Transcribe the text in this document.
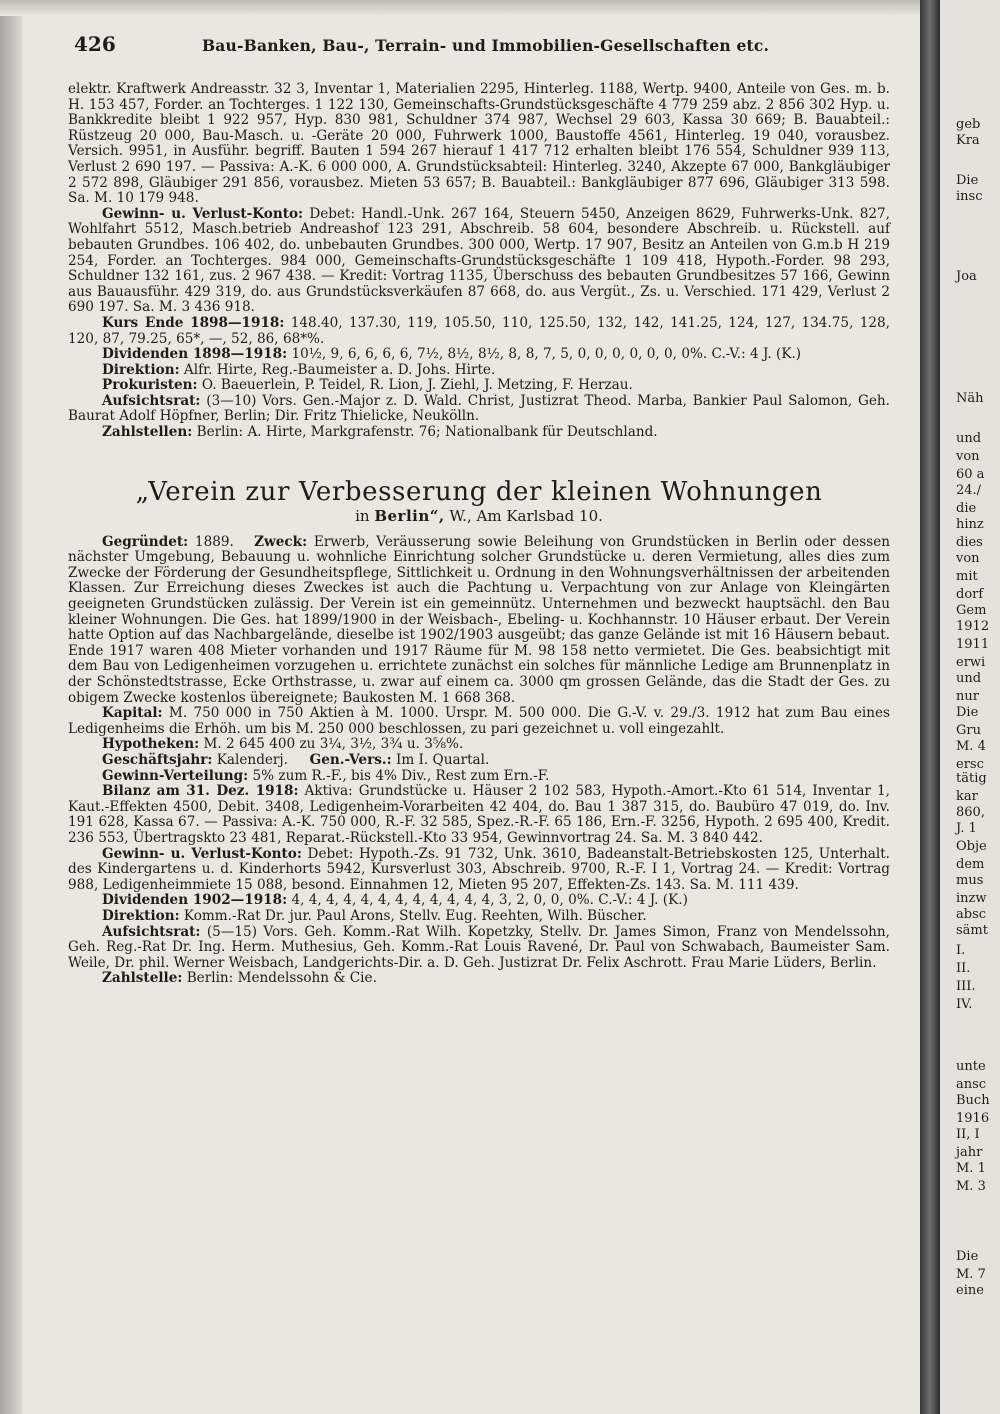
geb
Kra
Die
insc
Joa
Näh
und
von
60 a
24./
die
hinz
dies
von
mit
dorf
Gem
1912
1911
erwi
und
nur
Die
Gru
M. 4
ersc
tätig
kar
860,
J. 1
Obje
dem
mus
inzw
absc
sämt
I.
II.
III.
IV.
unte
ansc
Buch
1916
II, I
jahr
M. 1
M. 3
Die
M. 7
eine
426	Bau-Banken, Bau-, Terrain- und Immobilien-Gesellschaften etc.

elektr. Kraftwerk Andreasstr. 32 3, Inventar 1, Materialien 2295, Hinterleg. 1188, Wertp. 9400, Anteile von Ges. m. b. H. 153 457, Forder. an Tochterges. 1 122 130, Gemeinschafts-Grundstücksgeschäfte 4 779 259 abz. 2 856 302 Hyp. u. Bankkredite bleibt 1 922 957, Hyp. 830 981, Schuldner 374 987, Wechsel 29 603, Kassa 30 669; B. Bauabteil.: Rüstzeug 20 000, Bau-Masch. u. -Geräte 20 000, Fuhrwerk 1000, Baustoffe 4561, Hinterleg. 19 040, vorausbez. Versich. 9951, in Ausführ. begriff. Bauten 1 594 267 hierauf 1 417 712 erhalten bleibt 176 554, Schuldner 939 113, Verlust 2 690 197. — Passiva: A.-K. 6 000 000, A. Grundstücksabteil: Hinterleg. 3240, Akzepte 67 000, Bankgläubiger 2 572 898, Gläubiger 291 856, vorausbez. Mieten 53 657; B. Bauabteil.: Bankgläubiger 877 696, Gläubiger 313 598. Sa. M. 10 179 948.

Gewinn- u. Verlust-Konto: Debet: Handl.-Unk. 267 164, Steuern 5450, Anzeigen 8629, Fuhrwerks-Unk. 827, Wohlfahrt 5512, Masch.betrieb Andreashof 123 291, Abschreib. 58 604, besondere Abschreib. u. Rückstell. auf bebauten Grundbes. 106 402, do. unbebauten Grundbes. 300 000, Wertp. 17 907, Besitz an Anteilen von G.m.b H 219 254, Forder. an Tochterges. 984 000, Gemeinschafts-Grundstücksgeschäfte 1 109 418, Hypoth.-Forder. 98 293, Schuldner 132 161, zus. 2 967 438. — Kredit: Vortrag 1135, Überschuss des bebauten Grundbesitzes 57 166, Gewinn aus Bauausführ. 429 319, do. aus Grundstücksverkäufen 87 668, do. aus Vergüt., Zs. u. Verschied. 171 429, Verlust 2 690 197. Sa. M. 3 436 918.

Kurs Ende 1898—1918: 148.40, 137.30, 119, 105.50, 110, 125.50, 132, 142, 141.25, 124, 127, 134.75, 128, 120, 87, 79.25, 65*, —, 52, 86, 68*%.

Dividenden 1898—1918: 10½, 9, 6, 6, 6, 6, 7½, 8½, 8½, 8, 8, 7, 5, 0, 0, 0, 0, 0, 0, 0%. C.-V.: 4 J. (K.)

Direktion: Alfr. Hirte, Reg.-Baumeister a. D. Johs. Hirte.

Prokuristen: O. Baeuerlein, P. Teidel, R. Lion, J. Ziehl, J. Metzing, F. Herzau.

Aufsichtsrat: (3—10) Vors. Gen.-Major z. D. Wald. Christ, Justizrat Theod. Marba, Bankier Paul Salomon, Geh. Baurat Adolf Höpfner, Berlin; Dir. Fritz Thielicke, Neukölln.

Zahlstellen: Berlin: A. Hirte, Markgrafenstr. 76; Nationalbank für Deutschland.

„Verein zur Verbesserung der kleinen Wohnungen
in Berlin“, W., Am Karlsbad 10.

Gegründet: 1889. Zweck: Erwerb, Veräusserung sowie Beleihung von Grundstücken in Berlin oder dessen nächster Umgebung, Bebauung u. wohnliche Einrichtung solcher Grundstücke u. deren Vermietung, alles dies zum Zwecke der Förderung der Gesundheitspflege, Sittlichkeit u. Ordnung in den Wohnungsverhältnissen der arbeitenden Klassen. Zur Erreichung dieses Zweckes ist auch die Pachtung u. Verpachtung von zur Anlage von Kleingärten geeigneten Grundstücken zulässig. Der Verein ist ein gemeinnütz. Unternehmen und bezweckt hauptsächl. den Bau kleiner Wohnungen. Die Ges. hat 1899/1900 in der Weisbach-, Ebeling- u. Kochhannstr. 10 Häuser erbaut. Der Verein hatte Option auf das Nachbargelände, dieselbe ist 1902/1903 ausgeübt; das ganze Gelände ist mit 16 Häusern bebaut. Ende 1917 waren 408 Mieter vorhanden und 1917 Räume für M. 98 158 netto vermietet. Die Ges. beabsichtigt mit dem Bau von Ledigenheimen vorzugehen u. errichtete zunächst ein solches für männliche Ledige am Brunnenplatz in der Schönstedtstrasse, Ecke Orthstrasse, u. zwar auf einem ca. 3000 qm grossen Gelände, das die Stadt der Ges. zu obigem Zwecke kostenlos übereignete; Baukosten M. 1 668 368.

Kapital: M. 750 000 in 750 Aktien à M. 1000. Urspr. M. 500 000. Die G.-V. v. 29./3. 1912 hat zum Bau eines Ledigenheims die Erhöh. um bis M. 250 000 beschlossen, zu pari gezeichnet u. voll eingezahlt.

Hypotheken: M. 2 645 400 zu 3¼, 3½, 3¾ u. 3⅝%.

Geschäftsjahr: Kalenderj. Gen.-Vers.: Im I. Quartal.

Gewinn-Verteilung: 5% zum R.-F., bis 4% Div., Rest zum Ern.-F.

Bilanz am 31. Dez. 1918: Aktiva: Grundstücke u. Häuser 2 102 583, Hypoth.-Amort.-Kto 61 514, Inventar 1, Kaut.-Effekten 4500, Debit. 3408, Ledigenheim-Vorarbeiten 42 404, do. Bau 1 387 315, do. Baubüro 47 019, do. Inv. 191 628, Kassa 67. — Passiva: A.-K. 750 000, R.-F. 32 585, Spez.-R.-F. 65 186, Ern.-F. 3256, Hypoth. 2 695 400, Kredit. 236 553, Übertragskto 23 481, Reparat.-Rückstell.-Kto 33 954, Gewinnvortrag 24. Sa. M. 3 840 442.

Gewinn- u. Verlust-Konto: Debet: Hypoth.-Zs. 91 732, Unk. 3610, Badeanstalt-Betriebskosten 125, Unterhalt. des Kindergartens u. d. Kinderhorts 5942, Kursverlust 303, Abschreib. 9700, R.-F. I 1, Vortrag 24. — Kredit: Vortrag 988, Ledigenheimmiete 15 088, besond. Einnahmen 12, Mieten 95 207, Effekten-Zs. 143. Sa. M. 111 439.

Dividenden 1902—1918: 4, 4, 4, 4, 4, 4, 4, 4, 4, 4, 4, 4, 3, 2, 0, 0, 0%. C.-V.: 4 J. (K.)

Direktion: Komm.-Rat Dr. jur. Paul Arons, Stellv. Eug. Reehten, Wilh. Büscher.

Aufsichtsrat: (5—15) Vors. Geh. Komm.-Rat Wilh. Kopetzky, Stellv. Dr. James Simon, Franz von Mendelssohn, Geh. Reg.-Rat Dr. Ing. Herm. Muthesius, Geh. Komm.-Rat Louis Ravené, Dr. Paul von Schwabach, Baumeister Sam. Weile, Dr. phil. Werner Weisbach, Landgerichts-Dir. a. D. Geh. Justizrat Dr. Felix Aschrott. Frau Marie Lüders, Berlin.

Zahlstelle: Berlin: Mendelssohn & Cie.
